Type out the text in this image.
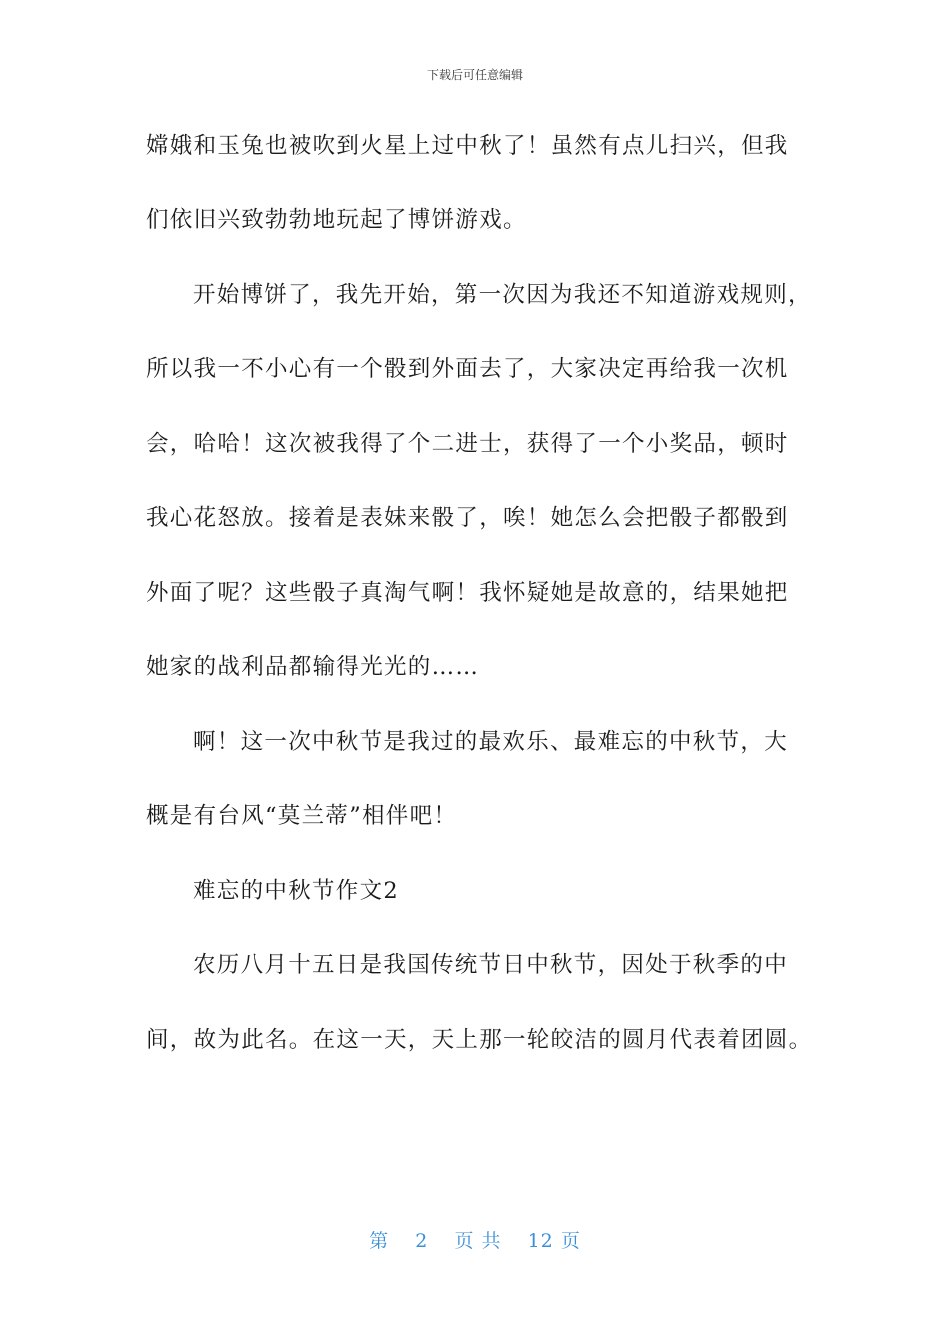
下载后可任意编辑
嫦娥和玉兔也被吹到火星上过中秋了！虽然有点儿扫兴，但我
们依旧兴致勃勃地玩起了博饼游戏。
开始博饼了，我先开始，第一次因为我还不知道游戏规则，
所以我一不小心有一个骰到外面去了，大家决定再给我一次机
会，哈哈！这次被我得了个二进士，获得了一个小奖品，顿时
我心花怒放。接着是表妹来骰了，唉！她怎么会把骰子都骰到
外面了呢？这些骰子真淘气啊！我怀疑她是故意的，结果她把
她家的战利品都输得光光的……
啊！这一次中秋节是我过的最欢乐、最难忘的中秋节，大
概是有台风“莫兰蒂”相伴吧！
难忘的中秋节作文2
农历八月十五日是我国传统节日中秋节，因处于秋季的中
间，故为此名。在这一天，天上那一轮皎洁的圆月代表着团圆。
第 2 页 共 12 页
